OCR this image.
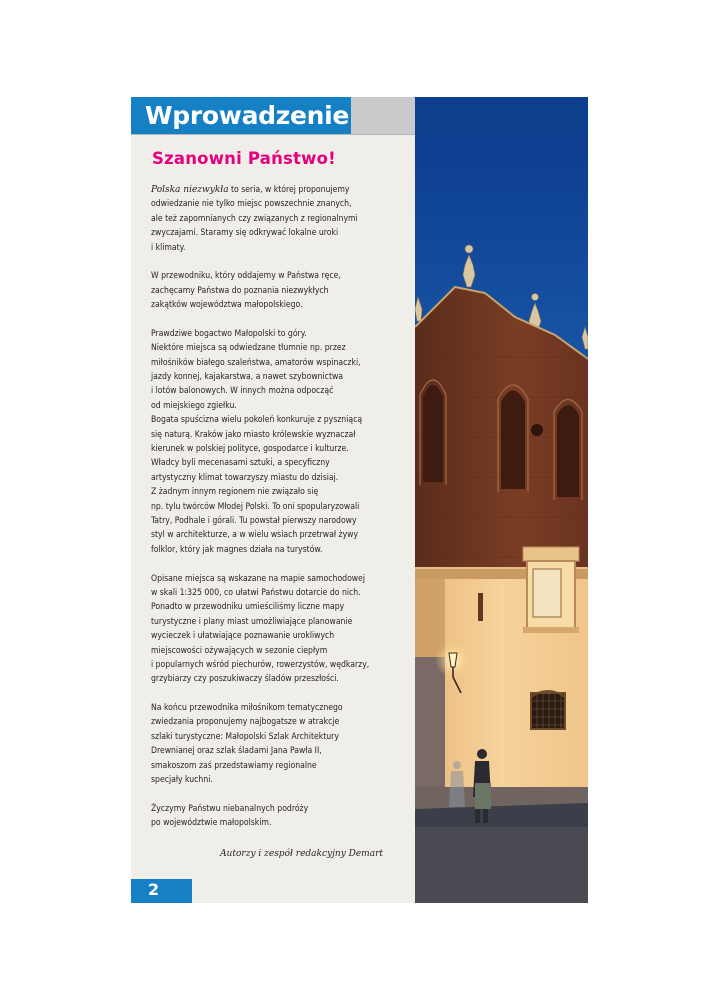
Wprowadzenie
Szanowni Państwo!
Polska niezwykła to seria, w której proponujemy
odwiedzanie nie tylko miejsc powszechnie znanych,
ale też zapomnianych czy związanych z regionalnymi
zwyczajami. Staramy się odkrywać lokalne uroki
i klimaty.
W przewodniku, który oddajemy w Państwa ręce,
zachęcamy Państwa do poznania niezwykłych
zakątków województwa małopolskiego.
Prawdziwe bogactwo Małopolski to góry.
Niektóre miejsca są odwiedzane tłumnie np. przez
miłośników białego szaleństwa, amatorów wspinaczki,
jazdy konnej, kajakarstwa, a nawet szybownictwa
i lotów balonowych. W innych można odpocząć
od miejskiego zgiełku.
Bogata spuścizna wielu pokoleń konkuruje z pyszniącą
się naturą. Kraków jako miasto królewskie wyznaczał
kierunek w polskiej polityce, gospodarce i kulturze.
Władcy byli mecenasami sztuki, a specyficzny
artystyczny klimat towarzyszy miastu do dzisiaj.
Z żadnym innym regionem nie związało się
np. tylu twórców Młodej Polski. To oni spopularyzowali
Tatry, Podhale i górali. Tu powstał pierwszy narodowy
styl w architekturze, a w wielu wsiach przetrwał żywy
folklor, który jak magnes działa na turystów.
Opisane miejsca są wskazane na mapie samochodowej
w skali 1:325 000, co ułatwi Państwu dotarcie do nich.
Ponadto w przewodniku umieściliśmy liczne mapy
turystyczne i plany miast umożliwiające planowanie
wycieczek i ułatwiające poznawanie urokliwych
miejscowości ożywających w sezonie ciepłym
i popularnych wśród piechurów, rowerzystów, wędkarzy,
grzybiarzy czy poszukiwaczy śladów przeszłości.
Na końcu przewodnika miłośnikom tematycznego
zwiedzania proponujemy najbogatsze w atrakcje
szlaki turystyczne: Małopolski Szlak Architektury
Drewnianej oraz szlak śladami Jana Pawła II,
smakoszom zaś przedstawiamy regionalne
specjały kuchni.
Życzymy Państwu niebanalnych podróży
po województwie małopolskim.
Autorzy i zespół redakcyjny Demart
2
